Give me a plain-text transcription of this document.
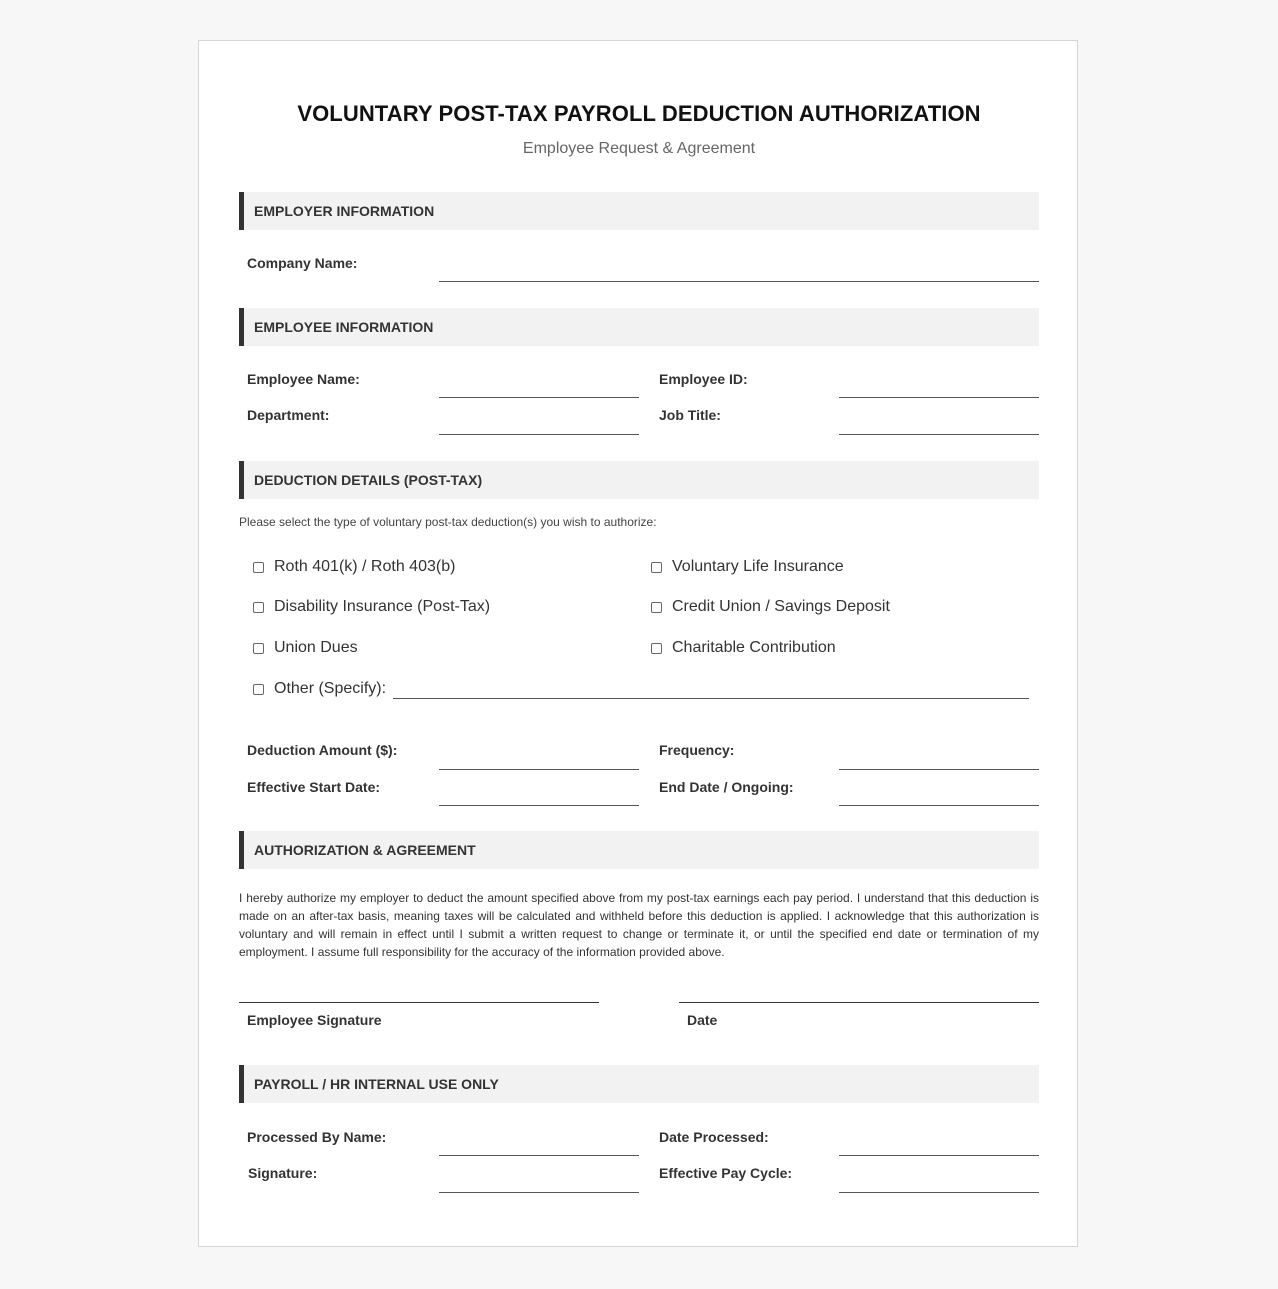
VOLUNTARY POST-TAX PAYROLL DEDUCTION AUTHORIZATION
Employee Request & Agreement
EMPLOYER INFORMATION
Company Name:
EMPLOYEE INFORMATION
Employee Name:	Employee ID:
Department:	Job Title:
DEDUCTION DETAILS (POST-TAX)
Please select the type of voluntary post-tax deduction(s) you wish to authorize:
Roth 401(k) / Roth 403(b)	Voluntary Life Insurance
Disability Insurance (Post-Tax)	Credit Union / Savings Deposit
Union Dues	Charitable Contribution
Other (Specify):
Deduction Amount ($):	Frequency:
Effective Start Date:	End Date / Ongoing:
AUTHORIZATION & AGREEMENT
I hereby authorize my employer to deduct the amount specified above from my post-tax earnings each pay period. I understand that this deduction is made on an after-tax basis, meaning taxes will be calculated and withheld before this deduction is applied. I acknowledge that this authorization is voluntary and will remain in effect until I submit a written request to change or terminate it, or until the specified end date or termination of my employment. I assume full responsibility for the accuracy of the information provided above.
Employee Signature	Date
PAYROLL / HR INTERNAL USE ONLY
Processed By Name:	Date Processed:
Signature:	Effective Pay Cycle:
